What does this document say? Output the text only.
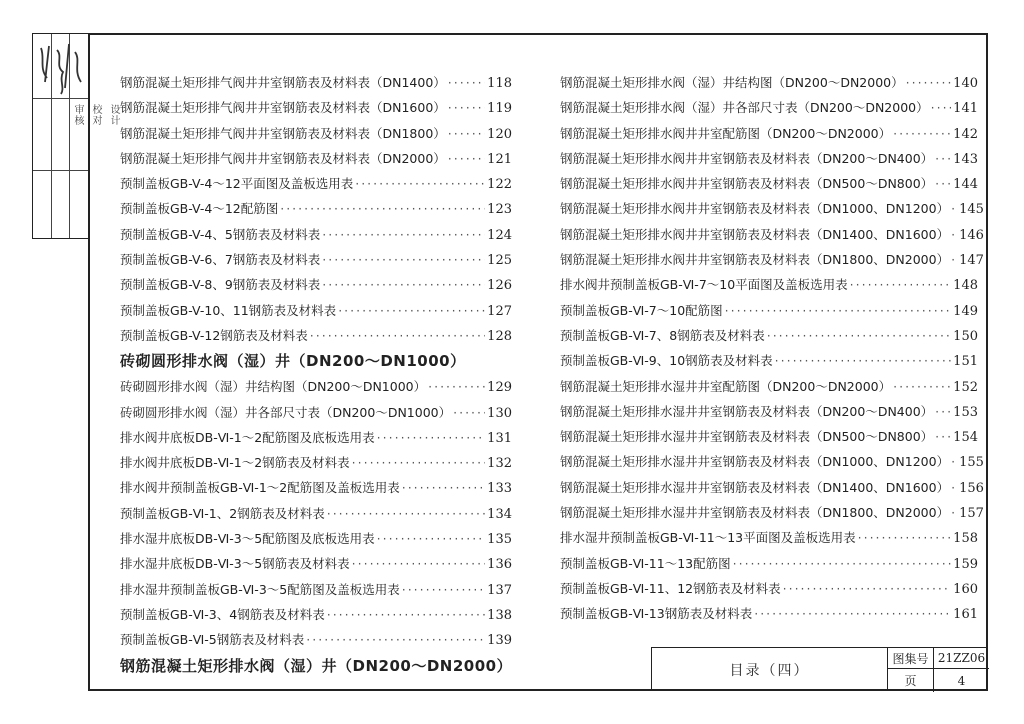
审核 校对 设计
钢筋混凝土矩形排气阀井井室钢筋表及材料表（DN1400） ·····	118
钢筋混凝土矩形排气阀井井室钢筋表及材料表（DN1600） ·····	119
钢筋混凝土矩形排气阀井井室钢筋表及材料表（DN1800） ·····	120
钢筋混凝土矩形排气阀井井室钢筋表及材料表（DN2000） ·····	121
预制盖板GB-V-4～12平面图及盖板选用表 ·····	122
预制盖板GB-V-4～12配筋图 ·····	123
预制盖板GB-V-4、5钢筋表及材料表 ·····	124
预制盖板GB-V-6、7钢筋表及材料表 ·····	125
预制盖板GB-V-8、9钢筋表及材料表 ·····	126
预制盖板GB-V-10、11钢筋表及材料表 ·····	127
预制盖板GB-V-12钢筋表及材料表 ·····	128
砖砌圆形排水阀（湿）井（DN200～DN1000）
砖砌圆形排水阀（湿）井结构图（DN200～DN1000） ·····	129
砖砌圆形排水阀（湿）井各部尺寸表（DN200～DN1000） ·····	130
排水阀井底板DB-Ⅵ-1～2配筋图及底板选用表 ·····	131
排水阀井底板DB-Ⅵ-1～2钢筋表及材料表 ·····	132
排水阀井预制盖板GB-Ⅵ-1～2配筋图及盖板选用表 ·····	133
预制盖板GB-Ⅵ-1、2钢筋表及材料表 ·····	134
排水湿井底板DB-Ⅵ-3～5配筋图及底板选用表 ·····	135
排水湿井底板DB-Ⅵ-3～5钢筋表及材料表 ·····	136
排水湿井预制盖板GB-Ⅵ-3～5配筋图及盖板选用表 ·····	137
预制盖板GB-Ⅵ-3、4钢筋表及材料表 ·····	138
预制盖板GB-Ⅵ-5钢筋表及材料表 ·····	139
钢筋混凝土矩形排水阀（湿）井（DN200～DN2000）
钢筋混凝土矩形排水阀（湿）井结构图（DN200～DN2000） ·····	140
钢筋混凝土矩形排水阀（湿）井各部尺寸表（DN200～DN2000） ····· 141
钢筋混凝土矩形排水阀井井室配筋图（DN200～DN2000） ·····	142
钢筋混凝土矩形排水阀井井室钢筋表及材料表（DN200～DN400） ····· 143
钢筋混凝土矩形排水阀井井室钢筋表及材料表（DN500～DN800） ····· 144
钢筋混凝土矩形排水阀井井室钢筋表及材料表（DN1000、DN1200） ····· 145
钢筋混凝土矩形排水阀井井室钢筋表及材料表（DN1400、DN1600） ····· 146
钢筋混凝土矩形排水阀井井室钢筋表及材料表（DN1800、DN2000） ····· 147
排水阀井预制盖板GB-Ⅵ-7～10平面图及盖板选用表 ·····	148
预制盖板GB-Ⅵ-7～10配筋图 ·····	149
预制盖板GB-Ⅵ-7、8钢筋表及材料表 ·····	150
预制盖板GB-Ⅵ-9、10钢筋表及材料表 ·····	151
钢筋混凝土矩形排水湿井井室配筋图（DN200～DN2000） ·····	152
钢筋混凝土矩形排水湿井井室钢筋表及材料表（DN200～DN400） ····· 153
钢筋混凝土矩形排水湿井井室钢筋表及材料表（DN500～DN800） ····· 154
钢筋混凝土矩形排水湿井井室钢筋表及材料表（DN1000、DN1200） ····· 155
钢筋混凝土矩形排水湿井井室钢筋表及材料表（DN1400、DN1600） ····· 156
钢筋混凝土矩形排水湿井井室钢筋表及材料表（DN1800、DN2000） ····· 157
排水湿井预制盖板GB-Ⅵ-11～13平面图及盖板选用表 ·····	158
预制盖板GB-Ⅵ-11～13配筋图 ·····	159
预制盖板GB-Ⅵ-11、12钢筋表及材料表 ·····	160
预制盖板GB-Ⅵ-13钢筋表及材料表 ·····	161
目录（四）
图集号 21ZZ06
页	4
